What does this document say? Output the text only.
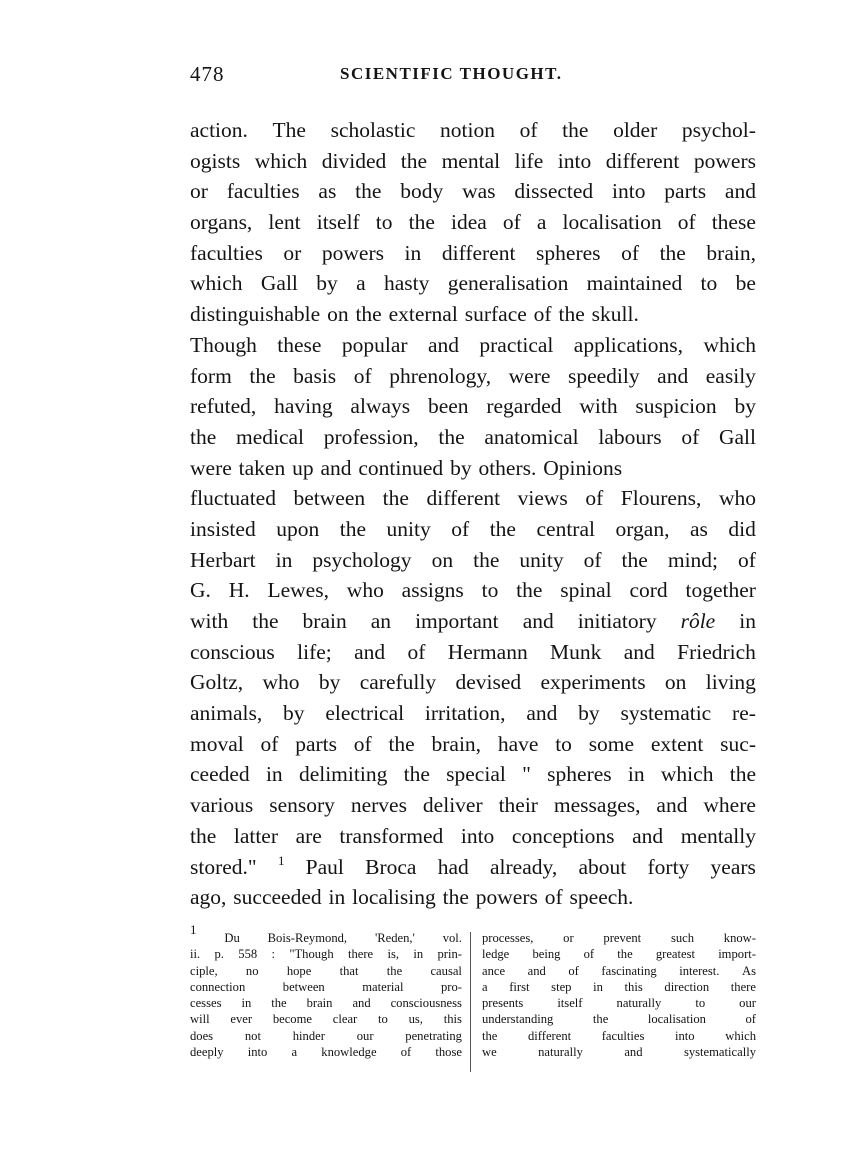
478	SCIENTIFIC THOUGHT.
action. The scholastic notion of the older psychol-
ogists which divided the mental life into different powers
or faculties as the body was dissected into parts and
organs, lent itself to the idea of a localisation of these
faculties or powers in different spheres of the brain,
which Gall by a hasty generalisation maintained to be
distinguishable on the external surface of the skull.
Though these popular and practical applications, which
form the basis of phrenology, were speedily and easily
refuted, having always been regarded with suspicion by
the medical profession, the anatomical labours of Gall
were taken up and continued by others. Opinions
fluctuated between the different views of Flourens, who
insisted upon the unity of the central organ, as did
Herbart in psychology on the unity of the mind; of
G. H. Lewes, who assigns to the spinal cord together
with the brain an important and initiatory rôle in
conscious life; and of Hermann Munk and Friedrich
Goltz, who by carefully devised experiments on living
animals, by electrical irritation, and by systematic re-
moval of parts of the brain, have to some extent suc-
ceeded in delimiting the special " spheres in which the
various sensory nerves deliver their messages, and where
the latter are transformed into conceptions and mentally
stored." $^1$ Paul Broca had already, about forty years
ago, succeeded in localising the powers of speech.
$^1$
Du Bois-Reymond, 'Reden,' vol.
ii. p. 558 : "Though there is, in prin-
ciple, no hope that the causal
connection	between	material	pro-
cesses in the brain and consciousness
will ever become clear to us, this
does	not	hinder	our	penetrating
deeply into a knowledge of those
processes, or prevent such know-
ledge being of the greatest import-
ance and of fascinating interest. As
a first step in this direction there
presents	itself	naturally	to	our
understanding	the	localisation	of
the different faculties into which
we	naturally	and	systematically
